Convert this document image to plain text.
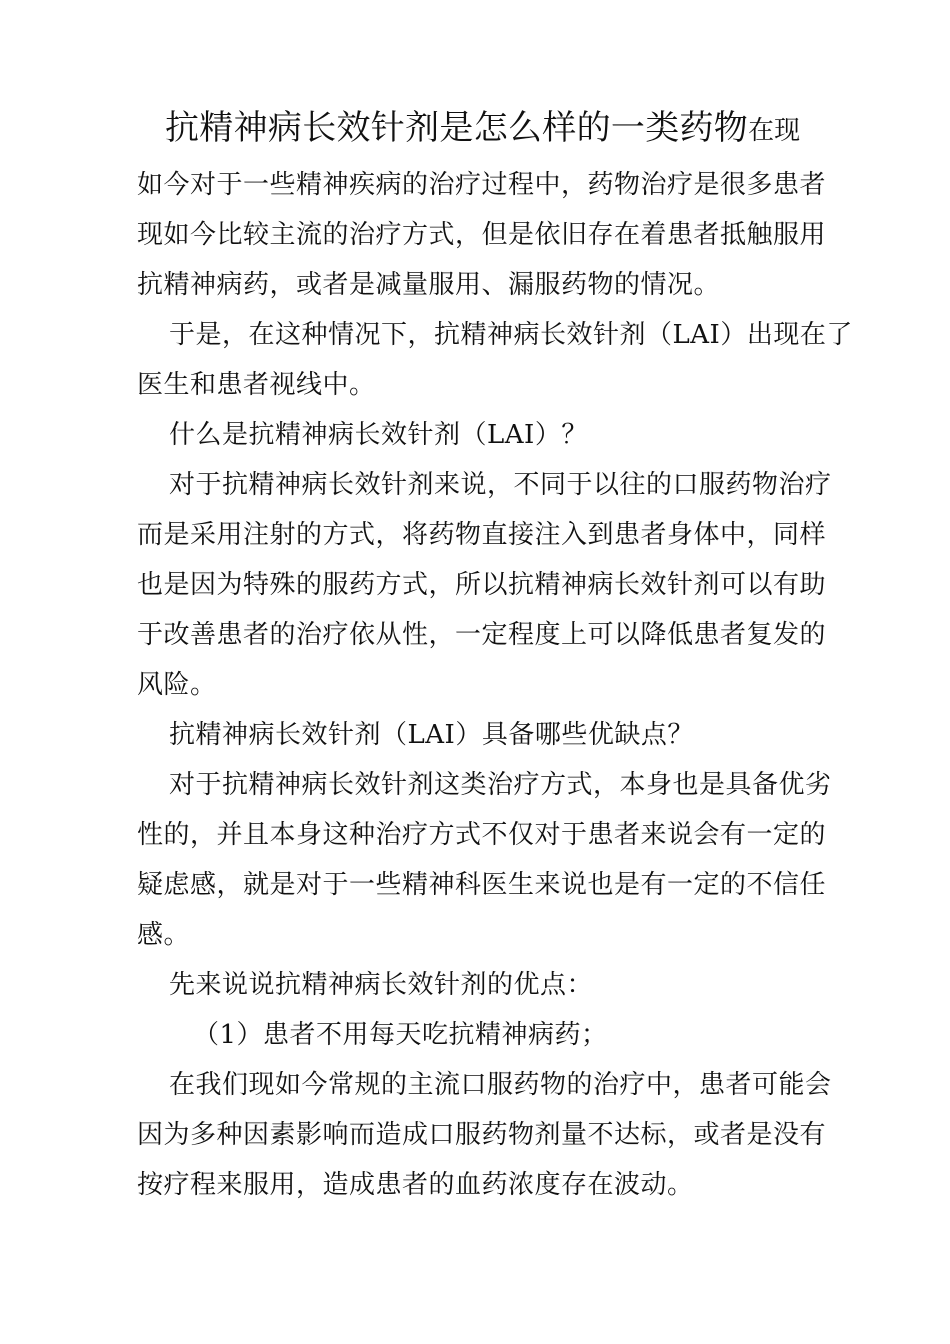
抗精神病长效针剂是怎么样的一类药物在现
如今对于一些精神疾病的治疗过程中，药物治疗是很多患者
现如今比较主流的治疗方式，但是依旧存在着患者抵触服用
抗精神病药，或者是减量服用、漏服药物的情况。
于是，在这种情况下，抗精神病长效针剂（LAI）出现在了
医生和患者视线中。
什么是抗精神病长效针剂（LAI）？
对于抗精神病长效针剂来说，不同于以往的口服药物治疗
而是采用注射的方式，将药物直接注入到患者身体中，同样
也是因为特殊的服药方式，所以抗精神病长效针剂可以有助
于改善患者的治疗依从性，一定程度上可以降低患者复发的
风险。
抗精神病长效针剂（LAI）具备哪些优缺点？
对于抗精神病长效针剂这类治疗方式，本身也是具备优劣
性的，并且本身这种治疗方式不仅对于患者来说会有一定的
疑虑感，就是对于一些精神科医生来说也是有一定的不信任
感。
先来说说抗精神病长效针剂的优点：
（1）患者不用每天吃抗精神病药；
在我们现如今常规的主流口服药物的治疗中，患者可能会
因为多种因素影响而造成口服药物剂量不达标，或者是没有
按疗程来服用，造成患者的血药浓度存在波动。
